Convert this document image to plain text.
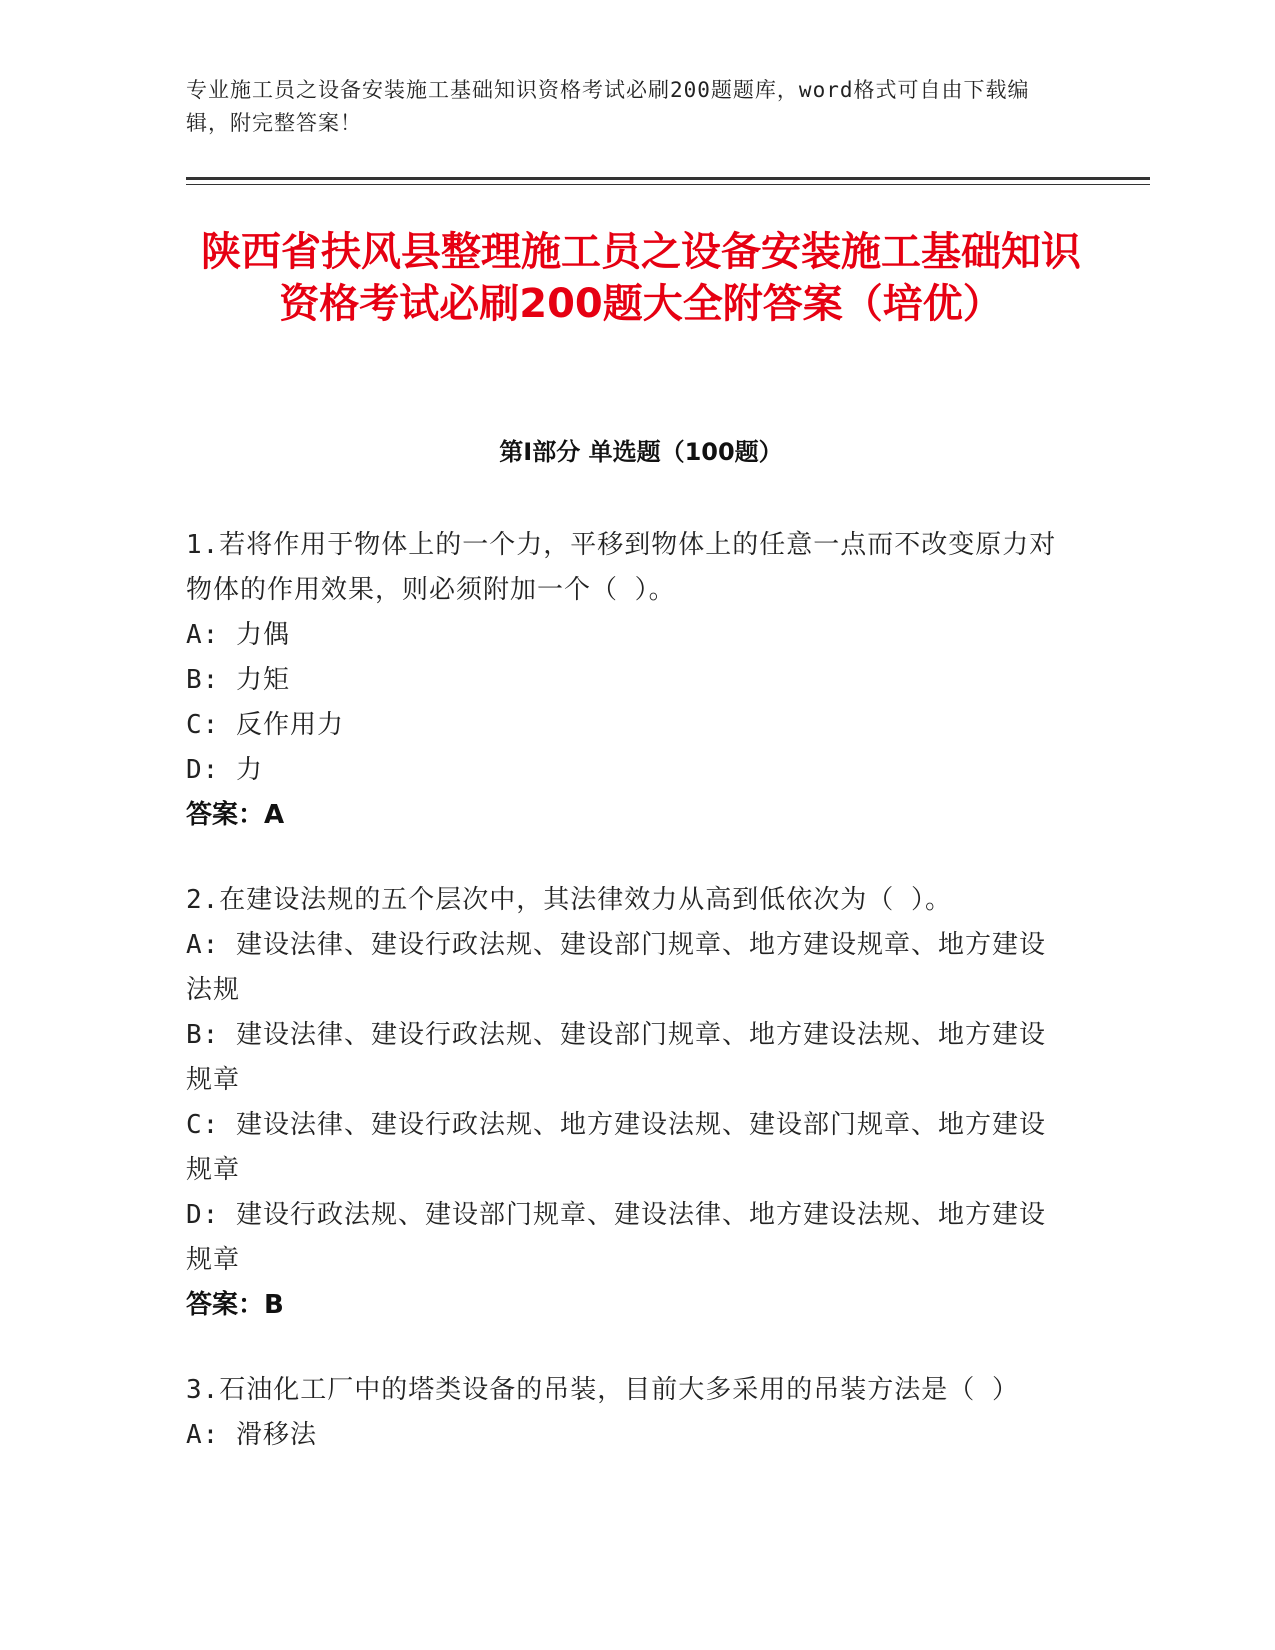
专业施工员之设备安装施工基础知识资格考试必刷200题题库，word格式可自由下载编辑，附完整答案！
陕西省扶风县整理施工员之设备安装施工基础知识资格考试必刷200题大全附答案（培优）
第Ⅰ部分 单选题（100题）

1.若将作用于物体上的一个力，平移到物体上的任意一点而不改变原力对物体的作用效果，则必须附加一个（ ）。

A: 力偶

B: 力矩

C: 反作用力

D: 力

答案：A

2.在建设法规的五个层次中，其法律效力从高到低依次为（ ）。

A: 建设法律、建设行政法规、建设部门规章、地方建设规章、地方建设法规

B: 建设法律、建设行政法规、建设部门规章、地方建设法规、地方建设规章

C: 建设法律、建设行政法规、地方建设法规、建设部门规章、地方建设规章

D: 建设行政法规、建设部门规章、建设法律、地方建设法规、地方建设规章

答案：B

3.石油化工厂中的塔类设备的吊装，目前大多采用的吊装方法是（ ）

A: 滑移法
